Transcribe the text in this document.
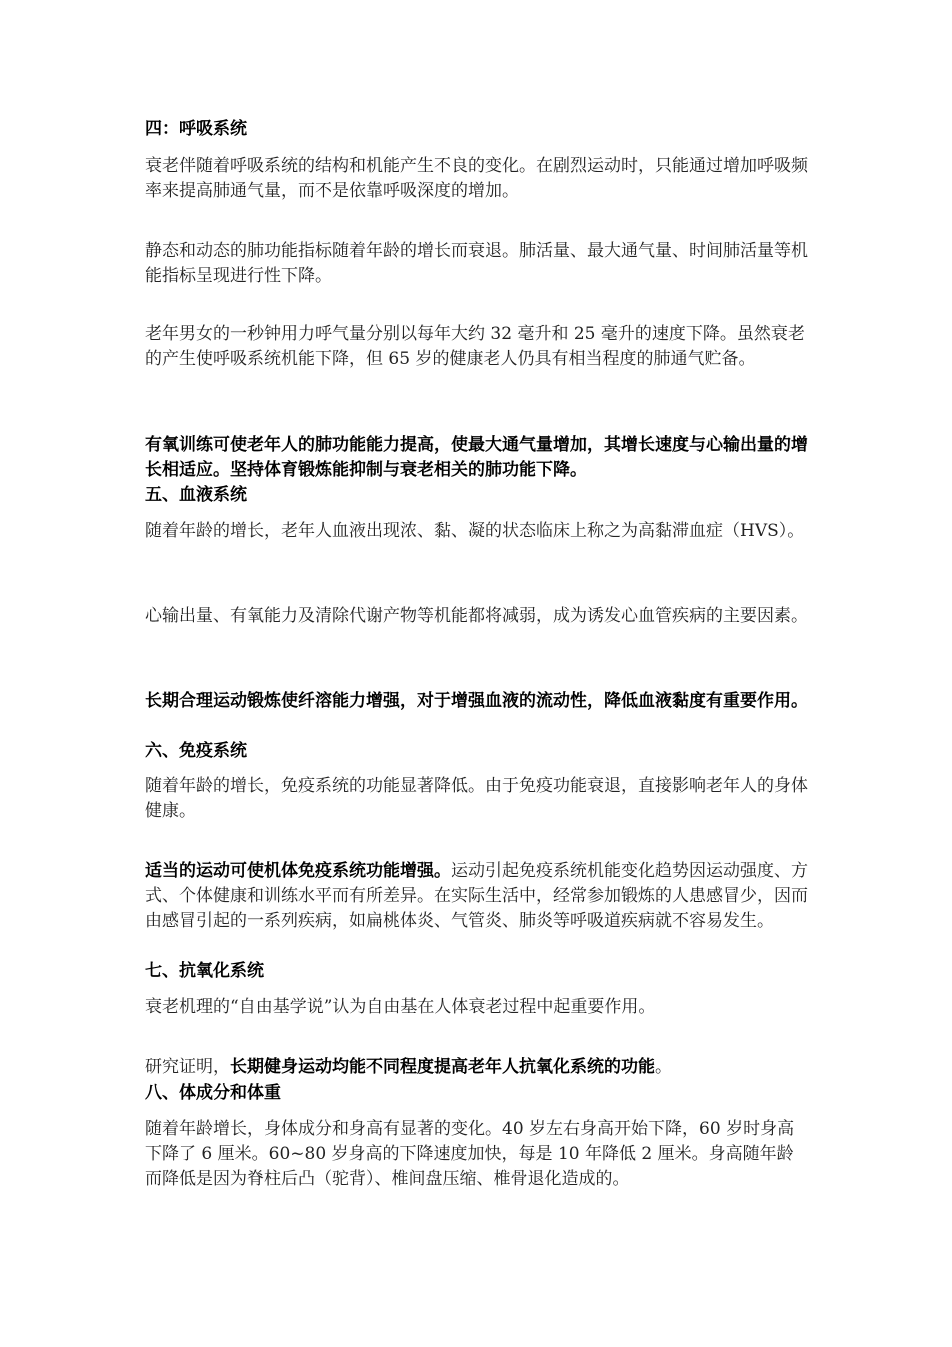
四：呼吸系统

衰老伴随着呼吸系统的结构和机能产生不良的变化。在剧烈运动时，只能通过增加呼吸频率来提高肺通气量，而不是依靠呼吸深度的增加。

静态和动态的肺功能指标随着年龄的增长而衰退。肺活量、最大通气量、时间肺活量等机能指标呈现进行性下降。

老年男女的一秒钟用力呼气量分别以每年大约 32 毫升和 25 毫升的速度下降。虽然衰老的产生使呼吸系统机能下降，但 65 岁的健康老人仍具有相当程度的肺通气贮备。

有氧训练可使老年人的肺功能能力提高，使最大通气量增加，其增长速度与心输出量的增长相适应。坚持体育锻炼能抑制与衰老相关的肺功能下降。

五、血液系统

随着年龄的增长，老年人血液出现浓、黏、凝的状态临床上称之为高黏滞血症（HVS）。

心输出量、有氧能力及清除代谢产物等机能都将减弱，成为诱发心血管疾病的主要因素。

长期合理运动锻炼使纤溶能力增强，对于增强血液的流动性，降低血液黏度有重要作用。

六、免疫系统

随着年龄的增长，免疫系统的功能显著降低。由于免疫功能衰退，直接影响老年人的身体健康。

适当的运动可使机体免疫系统功能增强。运动引起免疫系统机能变化趋势因运动强度、方式、个体健康和训练水平而有所差异。在实际生活中，经常参加锻炼的人患感冒少，因而由感冒引起的一系列疾病，如扁桃体炎、气管炎、肺炎等呼吸道疾病就不容易发生。

七、抗氧化系统

衰老机理的“自由基学说”认为自由基在人体衰老过程中起重要作用。

研究证明，长期健身运动均能不同程度提高老年人抗氧化系统的功能。

八、体成分和体重

随着年龄增长，身体成分和身高有显著的变化。40 岁左右身高开始下降，60 岁时身高下降了 6 厘米。60~80 岁身高的下降速度加快，每是 10 年降低 2 厘米。身高随年龄而降低是因为脊柱后凸（驼背）、椎间盘压缩、椎骨退化造成的。
